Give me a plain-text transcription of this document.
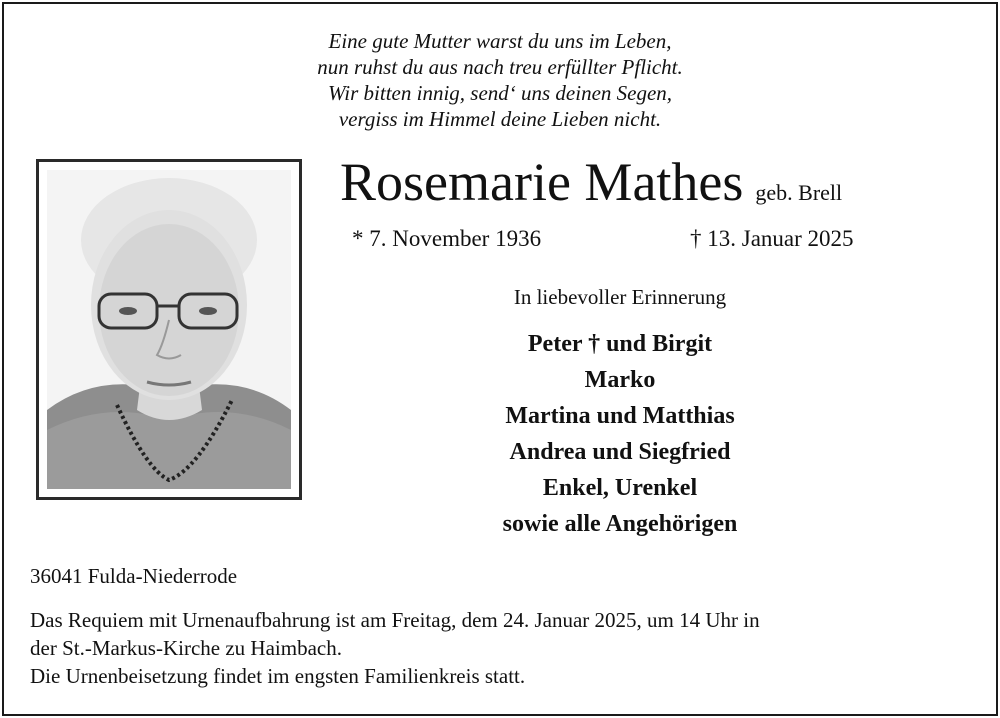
Eine gute Mutter warst du uns im Leben,
nun ruhst du aus nach treu erfüllter Pflicht.
Wir bitten innig, send‘ uns deinen Segen,
vergiss im Himmel deine Lieben nicht.
Rosemarie Mathes geb. Brell
* 7. November 1936	† 13. Januar 2025
In liebevoller Erinnerung
Peter † und Birgit
Marko
Martina und Matthias
Andrea und Siegfried
Enkel, Urenkel
sowie alle Angehörigen
36041 Fulda-Niederrode
Das Requiem mit Urnenaufbahrung ist am Freitag, dem 24. Januar 2025, um 14 Uhr in
der St.-Markus-Kirche zu Haimbach.
Die Urnenbeisetzung findet im engsten Familienkreis statt.
